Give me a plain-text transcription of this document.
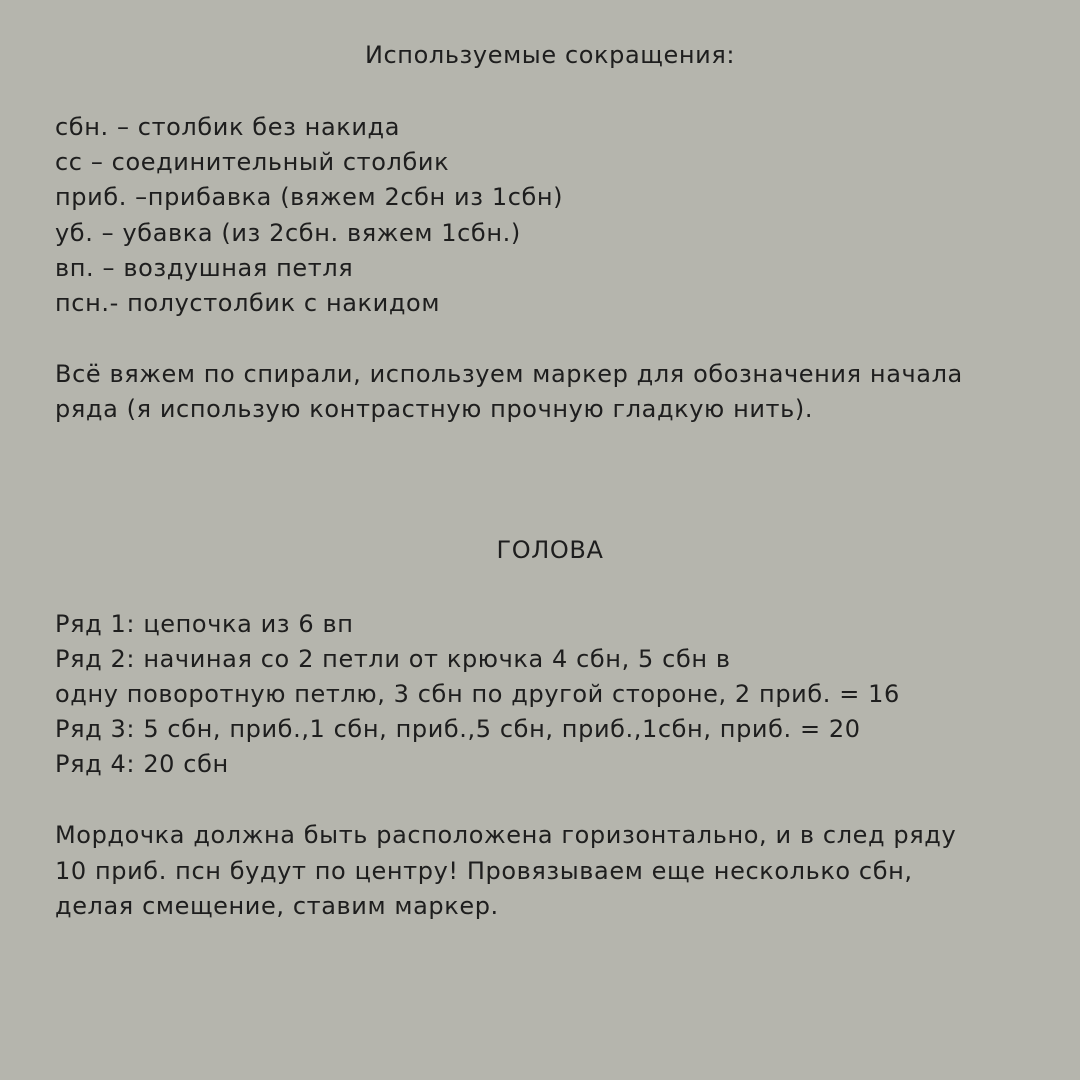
Используемые сокращения:
сбн. – столбик без накида
сс – соединительный столбик
приб. –прибавка (вяжем 2сбн из 1сбн)
уб. – убавка (из 2сбн. вяжем 1сбн.)
вп. – воздушная петля
псн.- полустолбик с накидом
Всё вяжем по спирали, используем маркер для обозначения начала
ряда (я использую контрастную прочную гладкую нить).
ГОЛОВА
Ряд 1: цепочка из 6 вп
Ряд 2: начиная со 2 петли от крючка 4 сбн, 5 сбн в
одну поворотную петлю, 3 сбн по другой стороне, 2 приб. = 16
Ряд 3: 5 сбн, приб.,1 сбн, приб.,5 сбн, приб.,1сбн, приб. = 20
Ряд 4: 20 сбн
Мордочка должна быть расположена горизонтально, и в след ряду
10 приб. псн будут по центру! Провязываем еще несколько сбн,
делая смещение, ставим маркер.
